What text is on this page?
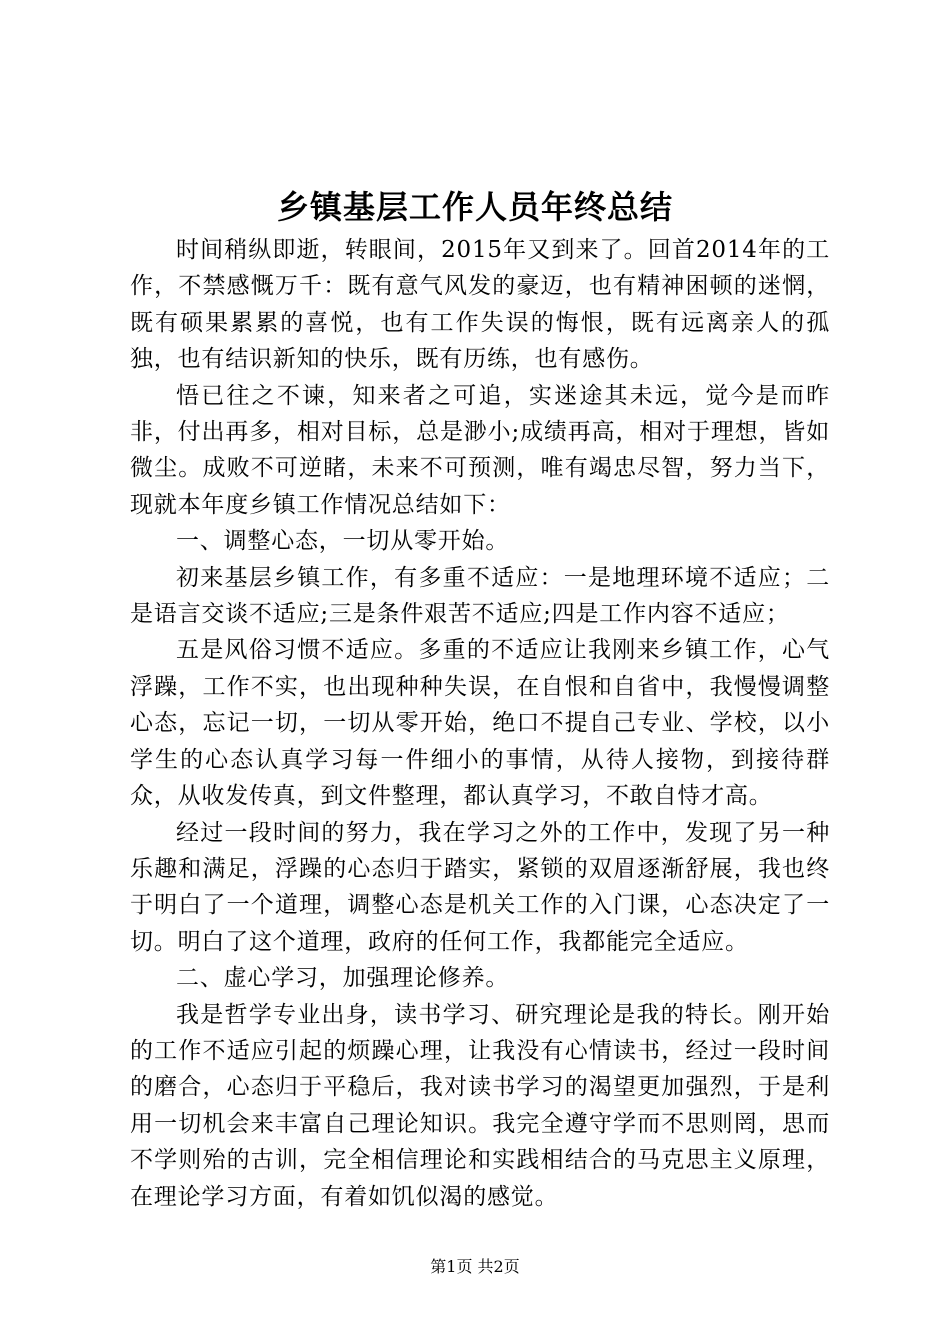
乡镇基层工作人员年终总结

时间稍纵即逝，转眼间，2015年又到来了。回首2014年的工作，不禁感慨万千：既有意气风发的豪迈，也有精神困顿的迷惘，既有硕果累累的喜悦，也有工作失误的悔恨，既有远离亲人的孤独，也有结识新知的快乐，既有历练，也有感伤。

悟已往之不谏，知来者之可追，实迷途其未远，觉今是而昨非，付出再多，相对目标，总是渺小;成绩再高，相对于理想，皆如微尘。成败不可逆睹，未来不可预测，唯有竭忠尽智，努力当下，现就本年度乡镇工作情况总结如下：

一、调整心态，一切从零开始。

初来基层乡镇工作，有多重不适应：一是地理环境不适应；二是语言交谈不适应;三是条件艰苦不适应;四是工作内容不适应；

五是风俗习惯不适应。多重的不适应让我刚来乡镇工作，心气浮躁，工作不实，也出现种种失误，在自恨和自省中，我慢慢调整心态，忘记一切，一切从零开始，绝口不提自己专业、学校，以小学生的心态认真学习每一件细小的事情，从待人接物，到接待群众，从收发传真，到文件整理，都认真学习，不敢自恃才高。

经过一段时间的努力，我在学习之外的工作中，发现了另一种乐趣和满足，浮躁的心态归于踏实，紧锁的双眉逐渐舒展，我也终于明白了一个道理，调整心态是机关工作的入门课，心态决定了一切。明白了这个道理，政府的任何工作，我都能完全适应。

二、虚心学习，加强理论修养。

我是哲学专业出身，读书学习、研究理论是我的特长。刚开始的工作不适应引起的烦躁心理，让我没有心情读书，经过一段时间的磨合，心态归于平稳后，我对读书学习的渴望更加强烈，于是利用一切机会来丰富自己理论知识。我完全遵守学而不思则罔，思而不学则殆的古训，完全相信理论和实践相结合的马克思主义原理，在理论学习方面，有着如饥似渴的感觉。

第1页 共2页
